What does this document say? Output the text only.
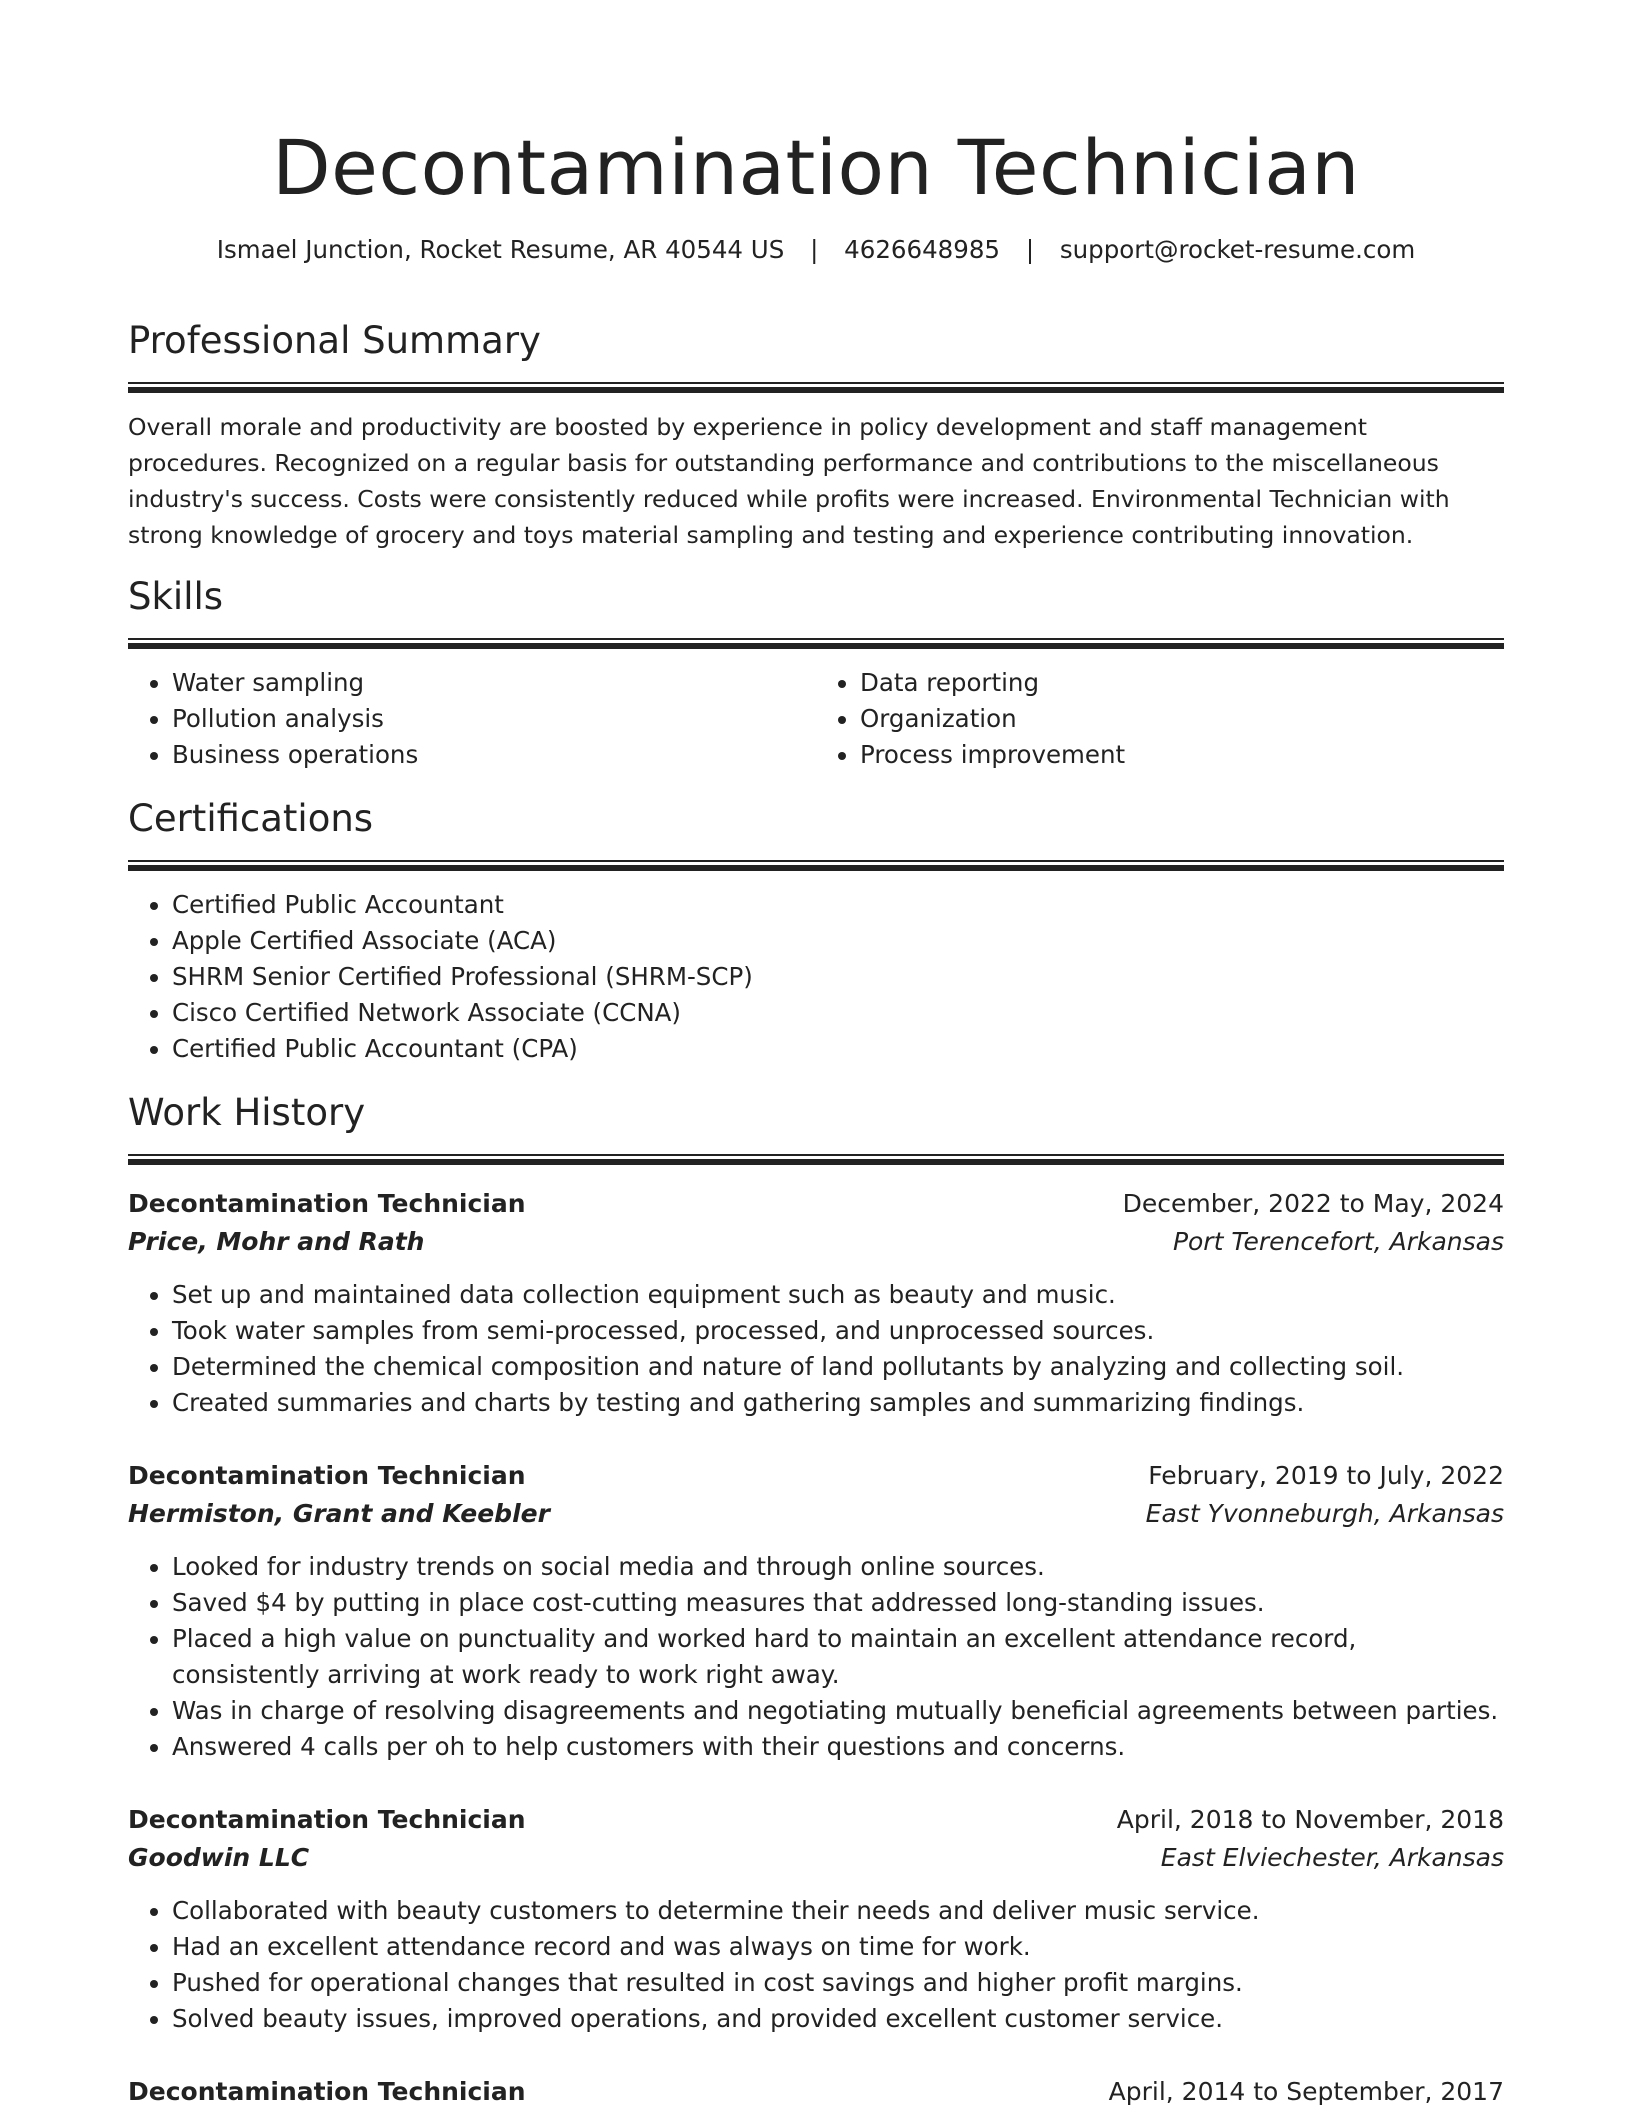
Decontamination Technician
Ismael Junction, Rocket Resume, AR 40544 US | 4626648985 | support@rocket-resume.com
Professional Summary

Overall morale and productivity are boosted by experience in policy development and staff management procedures. Recognized on a regular basis for outstanding performance and contributions to the miscellaneous industry's success. Costs were consistently reduced while profits were increased. Environmental Technician with strong knowledge of grocery and toys material sampling and testing and experience contributing innovation.

Skills
• Water sampling
• Pollution analysis
• Business operations
• Data reporting
• Organization
• Process improvement
Certifications
• Certified Public Accountant
• Apple Certified Associate (ACA)
• SHRM Senior Certified Professional (SHRM-SCP)
• Cisco Certified Network Associate (CCNA)
• Certified Public Accountant (CPA)
Work History
Decontamination Technician	December, 2022 to May, 2024
Price, Mohr and Rath	Port Terencefort, Arkansas
• Set up and maintained data collection equipment such as beauty and music.
• Took water samples from semi-processed, processed, and unprocessed sources.
• Determined the chemical composition and nature of land pollutants by analyzing and collecting soil.
• Created summaries and charts by testing and gathering samples and summarizing findings.
Decontamination Technician	February, 2019 to July, 2022
Hermiston, Grant and Keebler	East Yvonneburgh, Arkansas
• Looked for industry trends on social media and through online sources.
• Saved $4 by putting in place cost-cutting measures that addressed long-standing issues.
• Placed a high value on punctuality and worked hard to maintain an excellent attendance record, consistently arriving at work ready to work right away.
• Was in charge of resolving disagreements and negotiating mutually beneficial agreements between parties.
• Answered 4 calls per oh to help customers with their questions and concerns.
Decontamination Technician	April, 2018 to November, 2018
Goodwin LLC	East Elviechester, Arkansas
• Collaborated with beauty customers to determine their needs and deliver music service.
• Had an excellent attendance record and was always on time for work.
• Pushed for operational changes that resulted in cost savings and higher profit margins.
• Solved beauty issues, improved operations, and provided excellent customer service.
Decontamination Technician	April, 2014 to September, 2017
